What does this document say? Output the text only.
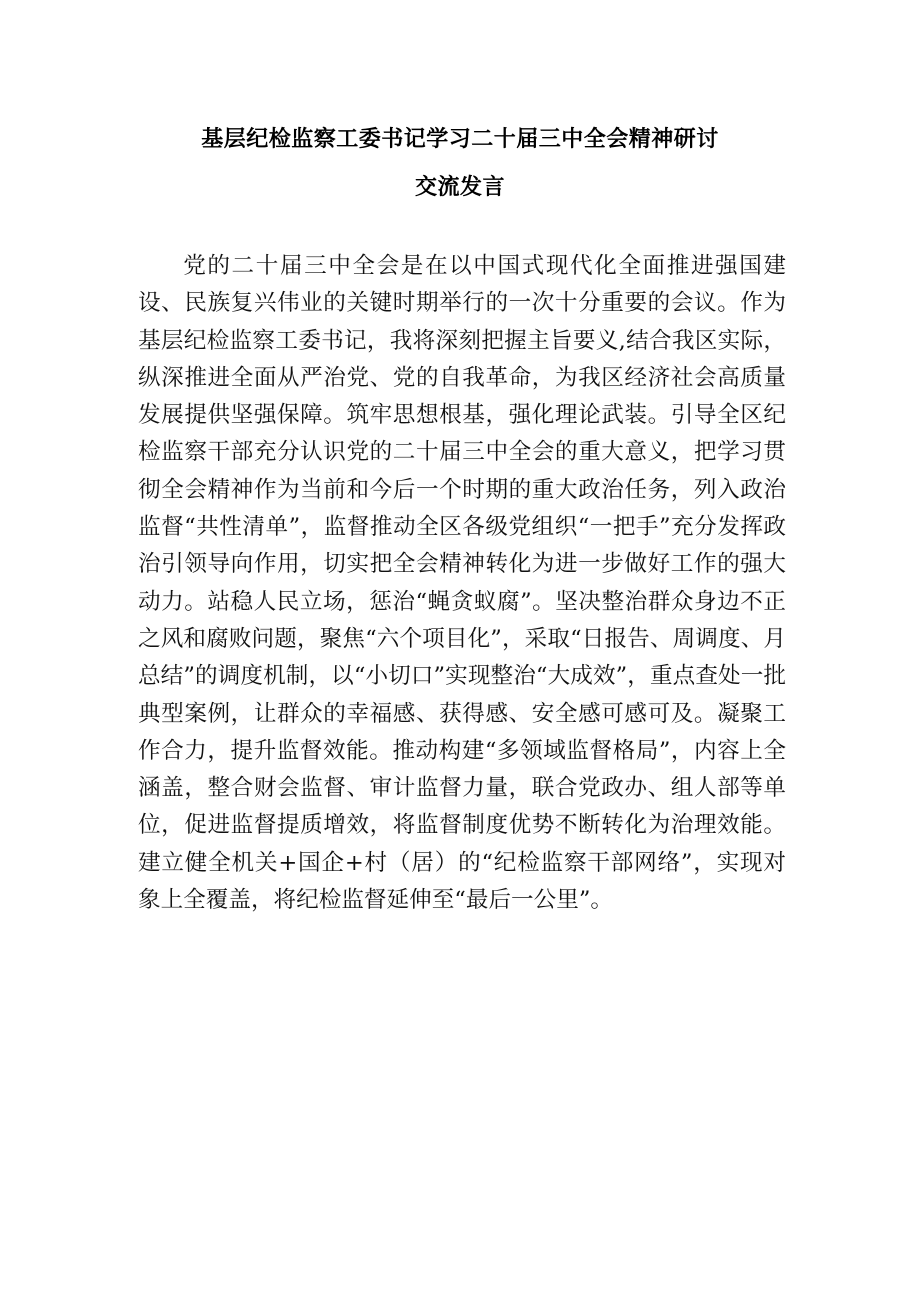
基层纪检监察工委书记学习二十届三中全会精神研讨
交流发言

党的二十届三中全会是在以中国式现代化全面推进强国建设、民族复兴伟业的关键时期举行的一次十分重要的会议。作为基层纪检监察工委书记，我将深刻把握主旨要义,结合我区实际，纵深推进全面从严治党、党的自我革命，为我区经济社会高质量发展提供坚强保障。筑牢思想根基，强化理论武装。引导全区纪检监察干部充分认识党的二十届三中全会的重大意义，把学习贯彻全会精神作为当前和今后一个时期的重大政治任务，列入政治监督“共性清单”，监督推动全区各级党组织“一把手”充分发挥政治引领导向作用，切实把全会精神转化为进一步做好工作的强大动力。站稳人民立场，惩治“蝇贪蚁腐”。坚决整治群众身边不正之风和腐败问题，聚焦“六个项目化”，采取“日报告、周调度、月总结”的调度机制，以“小切口”实现整治“大成效”，重点查处一批典型案例，让群众的幸福感、获得感、安全感可感可及。凝聚工作合力，提升监督效能。推动构建“多领域监督格局”，内容上全涵盖，整合财会监督、审计监督力量，联合党政办、组人部等单位，促进监督提质增效，将监督制度优势不断转化为治理效能。建立健全机关+国企+村（居）的“纪检监察干部网络”，实现对象上全覆盖，将纪检监督延伸至“最后一公里”。
